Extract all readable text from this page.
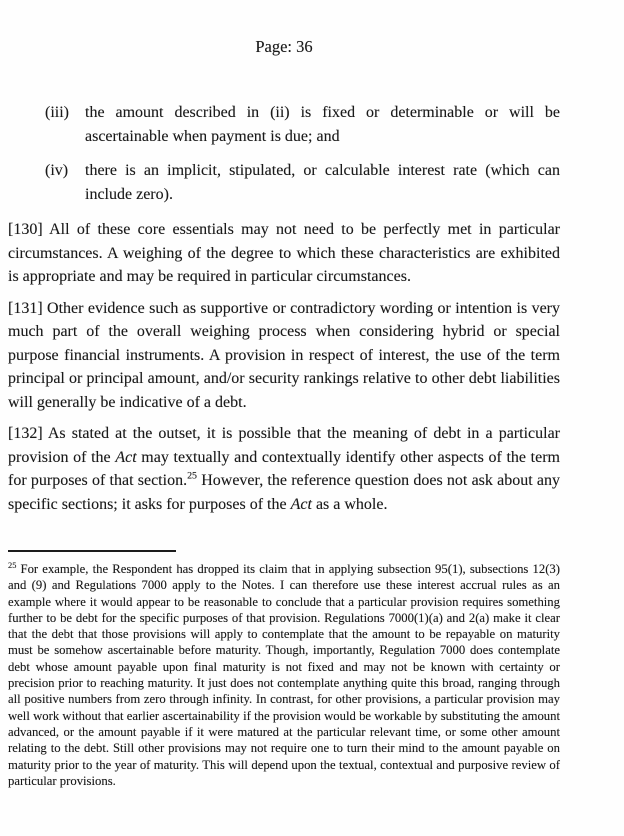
Page: 36
(iii) the amount described in (ii) is fixed or determinable or will be ascertainable when payment is due; and
(iv) there is an implicit, stipulated, or calculable interest rate (which can include zero).

[130] All of these core essentials may not need to be perfectly met in particular circumstances. A weighing of the degree to which these characteristics are exhibited is appropriate and may be required in particular circumstances.

[131] Other evidence such as supportive or contradictory wording or intention is very much part of the overall weighing process when considering hybrid or special purpose financial instruments. A provision in respect of interest, the use of the term principal or principal amount, and/or security rankings relative to other debt liabilities will generally be indicative of a debt.

[132] As stated at the outset, it is possible that the meaning of debt in a particular provision of the Act may textually and contextually identify other aspects of the term for purposes of that section.$^{25}$ However, the reference question does not ask about any specific sections; it asks for purposes of the Act as a whole.

$^{25}$ For example, the Respondent has dropped its claim that in applying subsection 95(1), subsections 12(3) and (9) and Regulations 7000 apply to the Notes. I can therefore use these interest accrual rules as an example where it would appear to be reasonable to conclude that a particular provision requires something further to be debt for the specific purposes of that provision. Regulations 7000(1)(a) and 2(a) make it clear that the debt that those provisions will apply to contemplate that the amount to be repayable on maturity must be somehow ascertainable before maturity. Though, importantly, Regulation 7000 does contemplate debt whose amount payable upon final maturity is not fixed and may not be known with certainty or precision prior to reaching maturity. It just does not contemplate anything quite this broad, ranging through all positive numbers from zero through infinity. In contrast, for other provisions, a particular provision may well work without that earlier ascertainability if the provision would be workable by substituting the amount advanced, or the amount payable if it were matured at the particular relevant time, or some other amount relating to the debt. Still other provisions may not require one to turn their mind to the amount payable on maturity prior to the year of maturity. This will depend upon the textual, contextual and purposive review of particular provisions.
